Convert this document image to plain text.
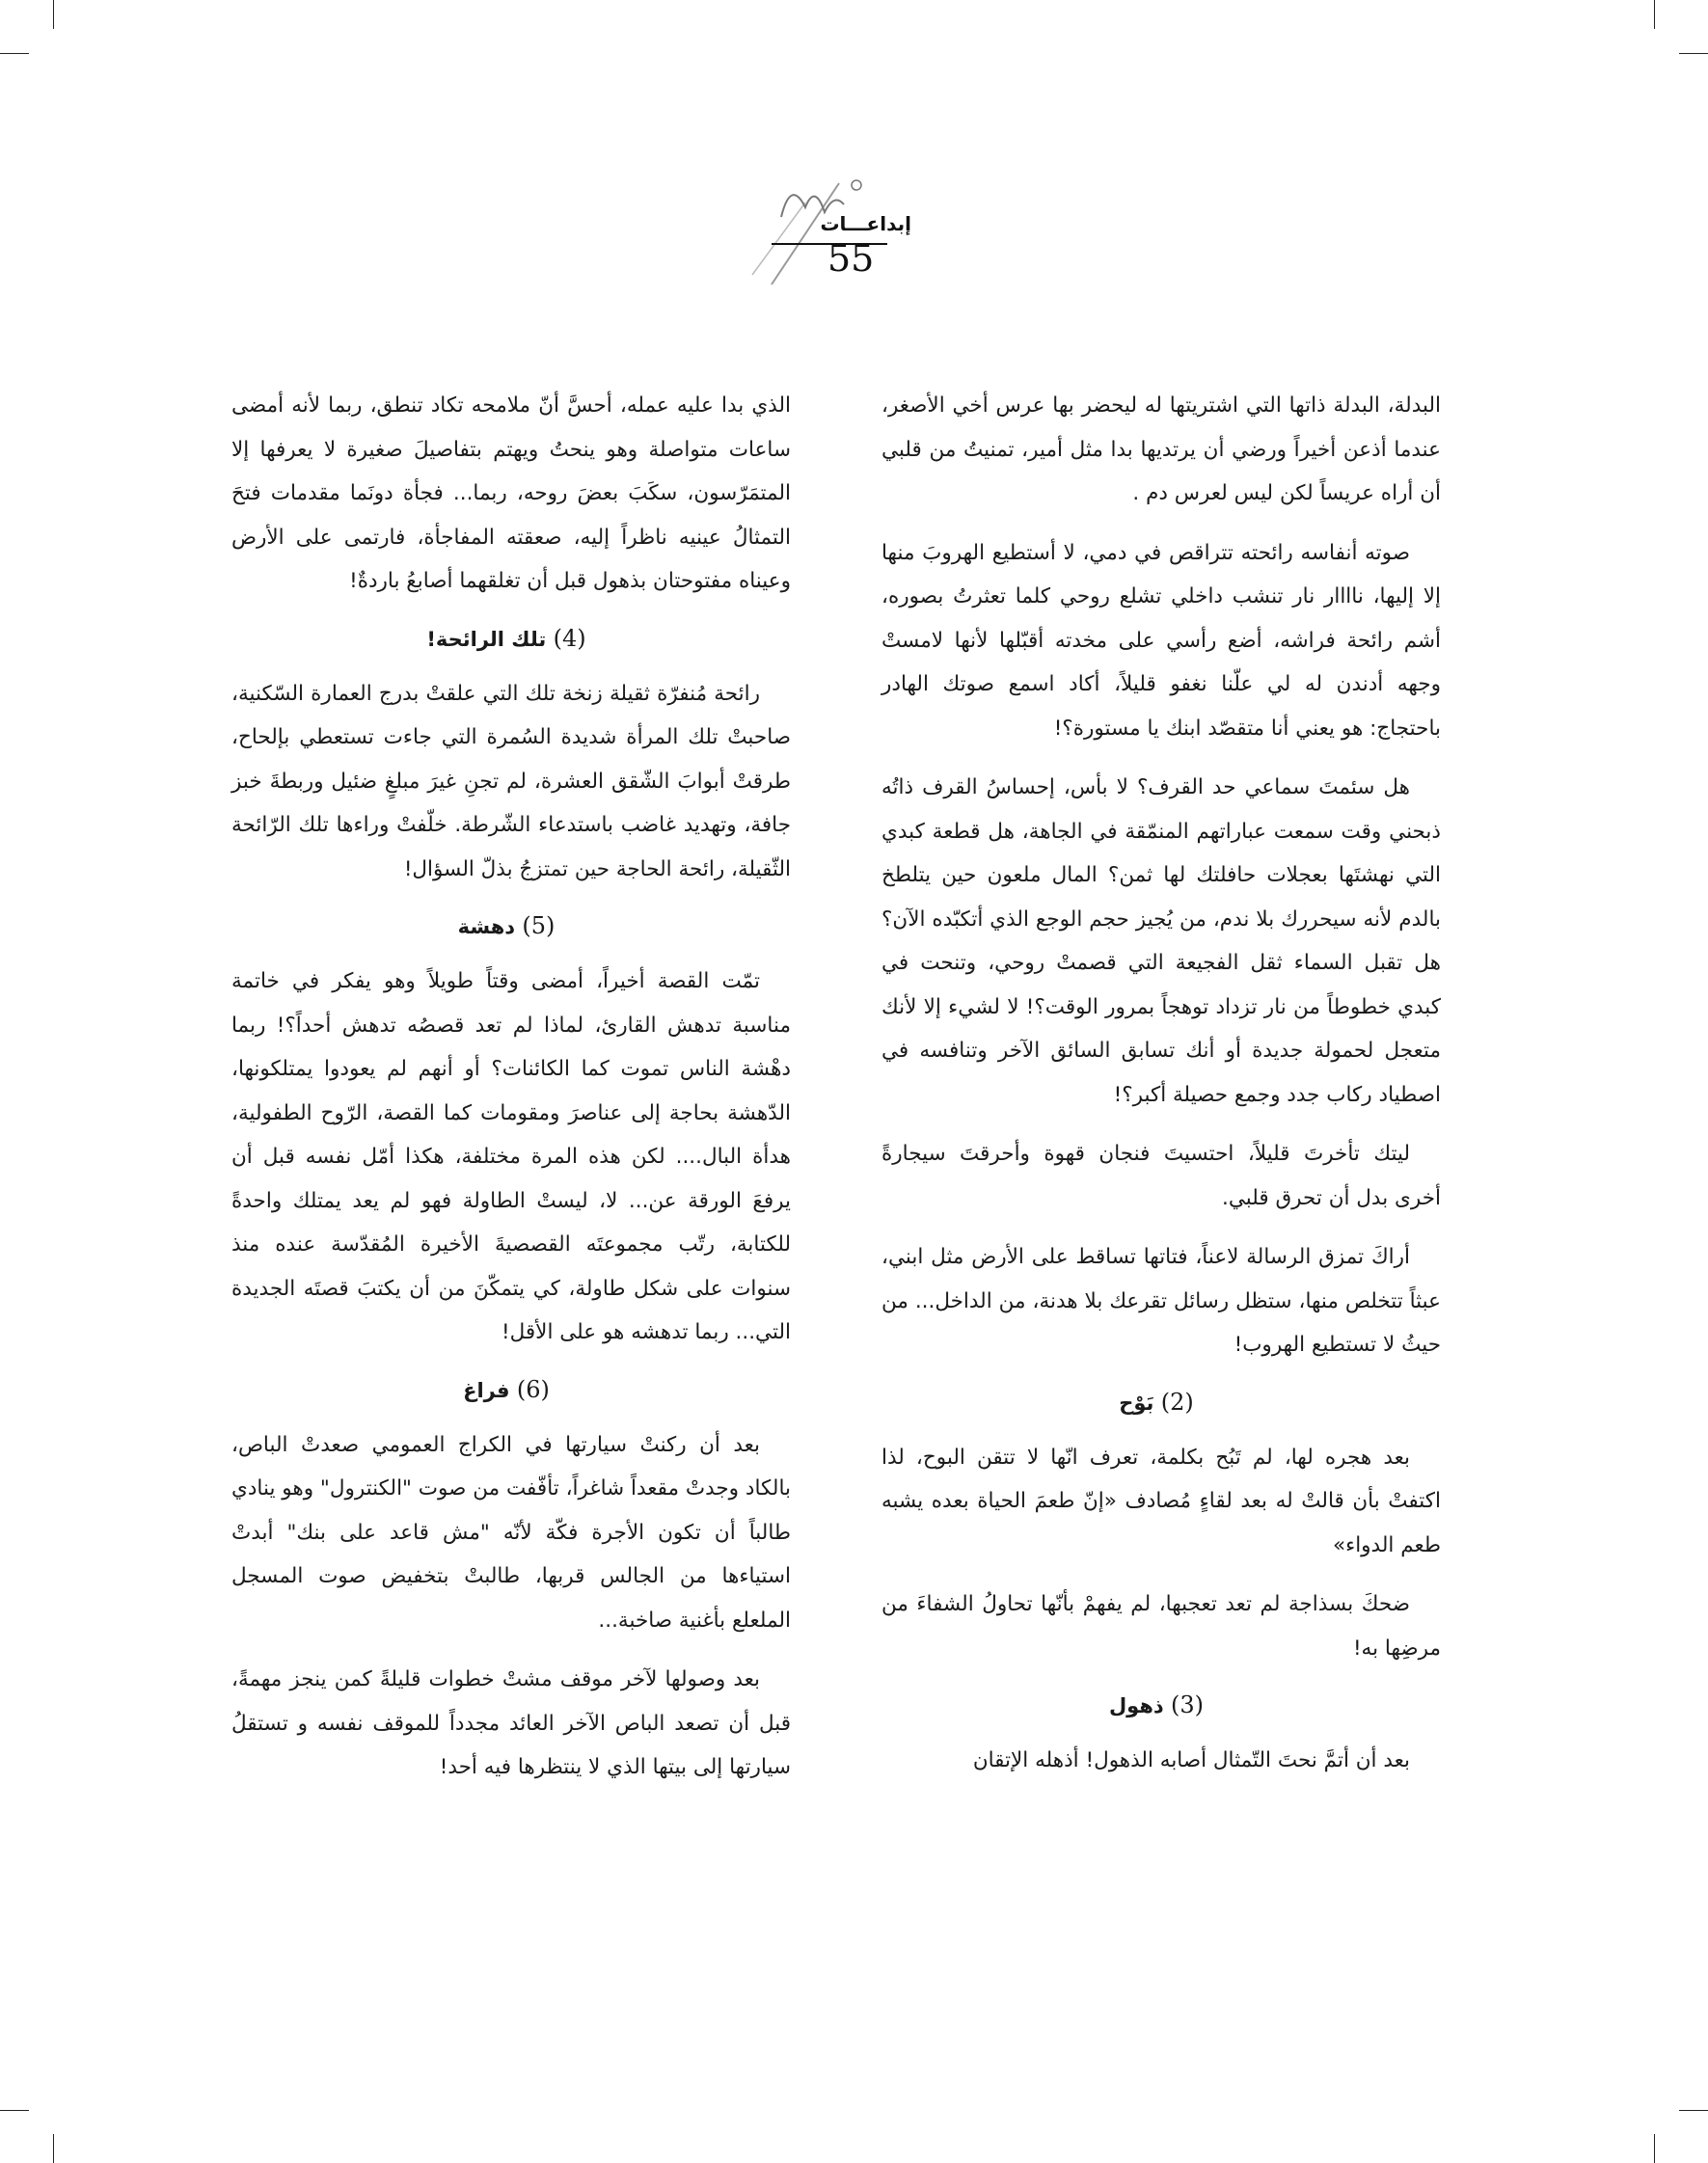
إبداعـــات
55

البدلة، البدلة ذاتها التي اشتريتها له ليحضر بها عرس أخي الأصغر، عندما أذعن أخيراً ورضي أن يرتديها بدا مثل أمير، تمنيتُ من قلبي أن أراه عريساً لكن ليس لعرس دم .

صوته أنفاسه رائحته تتراقص في دمي، لا أستطيع الهروبَ منها إلا إليها، ناااار نار تنشب داخلي تشلع روحي كلما تعثرتُ بصوره، أشم رائحة فراشه، أضع رأسي على مخدته أقبّلها لأنها لامستْ وجهه أدندن له لي علّنا نغفو قليلاً، أكاد اسمع صوتك الهادر باحتجاج: هو يعني أنا متقصّد ابنك يا مستورة؟!

هل سئمتَ سماعي حد القرف؟ لا بأس، إحساسُ القرف ذاتُه ذبحني وقت سمعت عباراتهم المنمّقة في الجاهة، هل قطعة كبدي التي نهشتَها بعجلات حافلتك لها ثمن؟ المال ملعون حين يتلطخ بالدم لأنه سيحررك بلا ندم، من يُجيز حجم الوجع الذي أتكبّده الآن؟ هل تقبل السماء ثقل الفجيعة التي قصمتْ روحي، وتنحت في كبدي خطوطاً من نار تزداد توهجاً بمرور الوقت؟! لا لشيء إلا لأنك متعجل لحمولة جديدة أو أنك تسابق السائق الآخر وتنافسه في اصطياد ركاب جدد وجمع حصيلة أكبر؟!

ليتك تأخرتَ قليلاً، احتسيتَ فنجان قهوة وأحرقتَ سيجارةً أخرى بدل أن تحرق قلبي.

أراكَ تمزق الرسالة لاعناً، فتاتها تساقط على الأرض مثل ابني، عبثاً تتخلص منها، ستظل رسائل تقرعك بلا هدنة، من الداخل... من حيثُ لا تستطيع الهروب!

(2) بَوْح

بعد هجره لها، لم تَبُح بكلمة، تعرف انّها لا تتقن البوح، لذا اكتفتْ بأن قالتْ له بعد لقاءٍ مُصادف «إنّ طعمَ الحياة بعده يشبه طعم الدواء»

ضحكَ بسذاجة لم تعد تعجبها، لم يفهمْ بأنّها تحاولُ الشفاءَ من مرضِها به!

(3) ذهول

بعد أن أتمَّ نحتَ التّمثال أصابه الذهول! أذهله الإتقان

الذي بدا عليه عمله، أحسَّ أنّ ملامحه تكاد تنطق، ربما لأنه أمضى ساعات متواصلة وهو ينحتُ ويهتم بتفاصيلَ صغيرة لا يعرفها إلا المتمَرّسون، سكَبَ بعضَ روحه، ربما... فجأة دونَما مقدمات فتحَ التمثالُ عينيه ناظراً إليه، صعقته المفاجأة، فارتمى على الأرض وعيناه مفتوحتان بذهول قبل أن تغلقهما أصابعُ باردةٌ!

(4) تلك الرائحة!

رائحة مُنفرّة ثقيلة زنخة تلك التي علقتْ بدرج العمارة السّكنية، صاحبتْ تلك المرأة شديدة السُمرة التي جاءت تستعطي بإلحاح، طرقتْ أبوابَ الشّقق العشرة، لم تجنِ غيرَ مبلغٍ ضئيل وربطةَ خبز جافة، وتهديد غاضب باستدعاء الشّرطة. خلّفتْ وراءها تلك الرّائحة الثّقيلة، رائحة الحاجة حين تمتزجُ بذلّ السؤال!

(5) دهشة

تمّت القصة أخيراً، أمضى وقتاً طويلاً وهو يفكر في خاتمة مناسبة تدهش القارئ، لماذا لم تعد قصصُه تدهش أحداً؟! ربما دهْشة الناس تموت كما الكائنات؟ أو أنهم لم يعودوا يمتلكونها، الدّهشة بحاجة إلى عناصرَ ومقومات كما القصة، الرّوح الطفولية، هدأة البال.... لكن هذه المرة مختلفة، هكذا أمّل نفسه قبل أن يرفعَ الورقة عن... لا، ليستْ الطاولة فهو لم يعد يمتلك واحدةً للكتابة، رتّب مجموعتَه القصصيةَ الأخيرة المُقدّسة عنده منذ سنوات على شكل طاولة، كي يتمكّنَ من أن يكتبَ قصتَه الجديدة التي... ربما تدهشه هو على الأقل!

(6) فراغ

بعد أن ركنتْ سيارتها في الكراج العمومي صعدتْ الباص، بالكاد وجدتْ مقعداً شاغراً، تأفّفت من صوت "الكنترول" وهو ينادي طالباً أن تكون الأجرة فكّة لأنّه "مش قاعد على بنك" أبدتْ استياءها من الجالس قربها، طالبتْ بتخفيض صوت المسجل الملعلع بأغنية صاخبة...

بعد وصولها لآخر موقف مشتْ خطوات قليلةً كمن ينجز مهمةً، قبل أن تصعد الباص الآخر العائد مجدداً للموقف نفسه و تستقلُ سيارتها إلى بيتها الذي لا ينتظرها فيه أحد!
